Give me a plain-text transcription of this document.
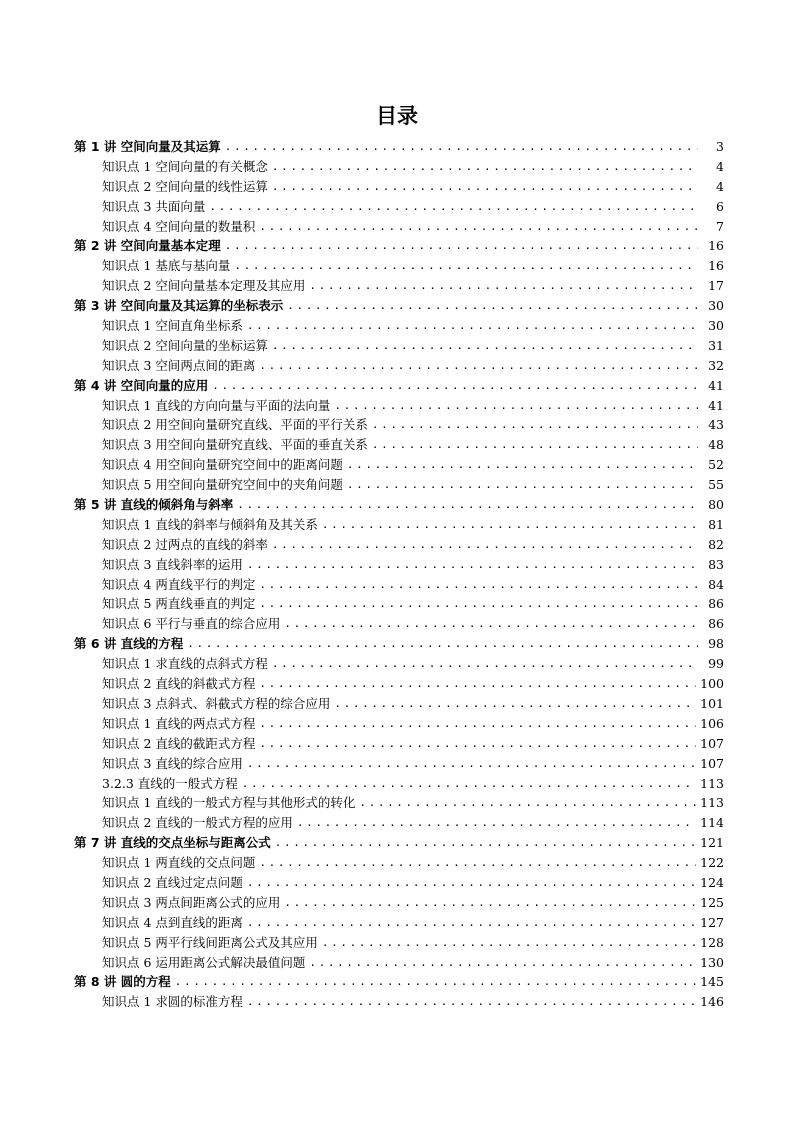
目录
第 1 讲 空间向量及其运算 .....	3
知识点 1 空间向量的有关概念 .....	4
知识点 2 空间向量的线性运算 .....	4
知识点 3 共面向量 .....	6
知识点 4 空间向量的数量积 .....	7
第 2 讲 空间向量基本定理 .....	16
知识点 1 基底与基向量 .....	16
知识点 2 空间向量基本定理及其应用 .....	17
第 3 讲 空间向量及其运算的坐标表示 .....	30
知识点 1 空间直角坐标系 .....	30
知识点 2 空间向量的坐标运算 .....	31
知识点 3 空间两点间的距离 .....	32
第 4 讲 空间向量的应用 .....	41
知识点 1 直线的方向向量与平面的法向量 .....	41
知识点 2 用空间向量研究直线、平面的平行关系 .....	43
知识点 3 用空间向量研究直线、平面的垂直关系 .....	48
知识点 4 用空间向量研究空间中的距离问题 .....	52
知识点 5 用空间向量研究空间中的夹角问题 .....	55
第 5 讲 直线的倾斜角与斜率 .....	80
知识点 1 直线的斜率与倾斜角及其关系 .....	81
知识点 2 过两点的直线的斜率 .....	82
知识点 3 直线斜率的运用 .....	83
知识点 4 两直线平行的判定 .....	84
知识点 5 两直线垂直的判定 .....	86
知识点 6 平行与垂直的综合应用 .....	86
第 6 讲 直线的方程 .....	98
知识点 1 求直线的点斜式方程 .....	99
知识点 2 直线的斜截式方程 .....	100
知识点 3 点斜式、斜截式方程的综合应用 .....	101
知识点 1 直线的两点式方程 .....	106
知识点 2 直线的截距式方程 .....	107
知识点 3 直线的综合应用 .....	107
3.2.3 直线的一般式方程 .....	113
知识点 1 直线的一般式方程与其他形式的转化 .....	113
知识点 2 直线的一般式方程的应用 .....	114
第 7 讲 直线的交点坐标与距离公式 .....	121
知识点 1 两直线的交点问题 .....	122
知识点 2 直线过定点问题 .....	124
知识点 3 两点间距离公式的应用 .....	125
知识点 4 点到直线的距离 .....	127
知识点 5 两平行线间距离公式及其应用 .....	128
知识点 6 运用距离公式解决最值问题 .....	130
第 8 讲 圆的方程 .....	145
知识点 1 求圆的标准方程 .....	146
